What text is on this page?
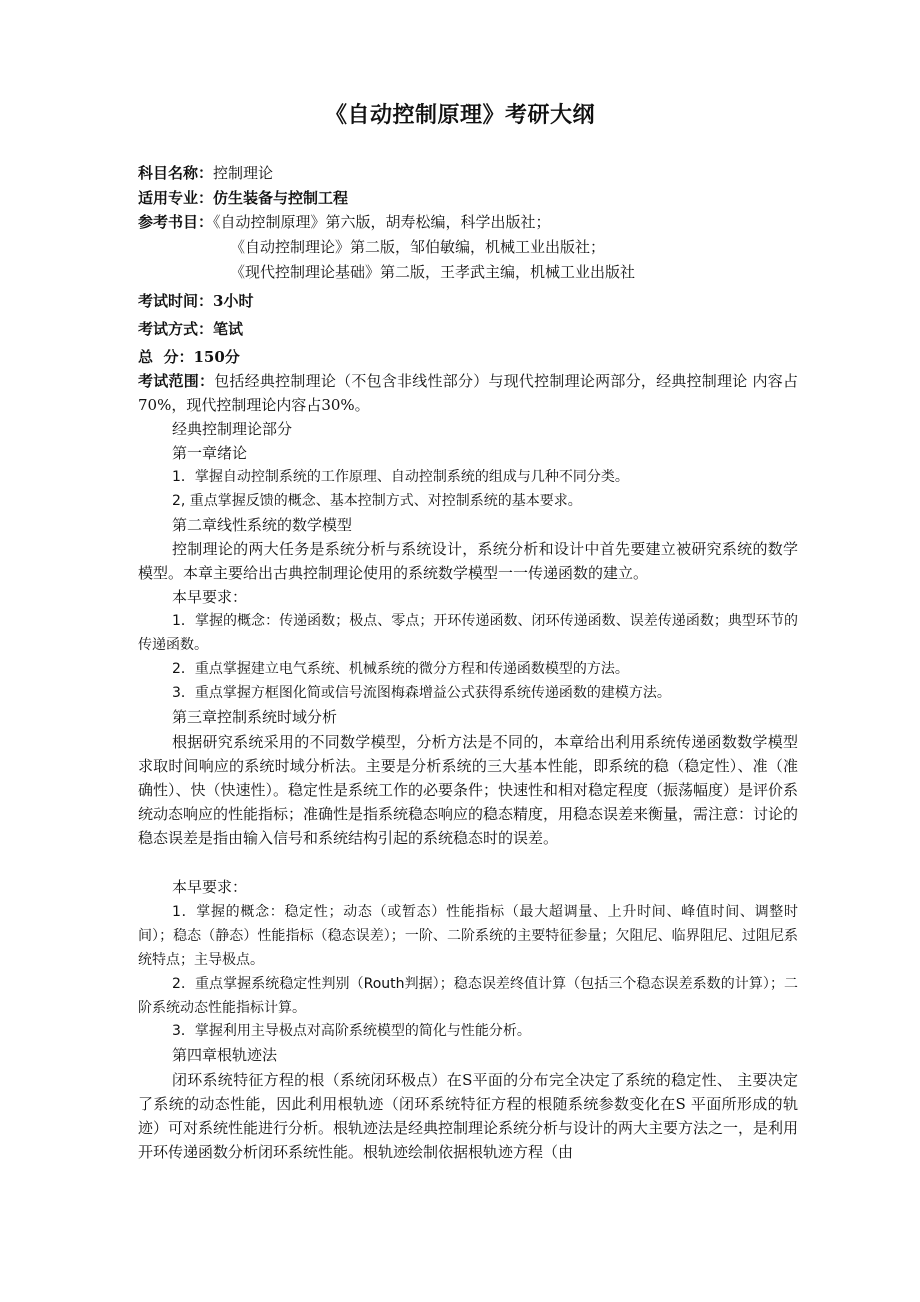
《自动控制原理》考研大纲
科目名称：控制理论
适用专业：仿生装备与控制工程
参考书目：《自动控制原理》第六版，胡寿松编，科学出版社；
《自动控制理论》第二版，邹伯敏编，机械工业出版社；
《现代控制理论基础》第二版，王孝武主编，机械工业出版社
考试时间：3小时
考试方式：笔试
总  分：150分
考试范围：包括经典控制理论（不包含非线性部分）与现代控制理论两部分，经典控制理论 内容占70%，现代控制理论内容占30%。
经典控制理论部分
第一章绪论
1．掌握自动控制系统的工作原理、自动控制系统的组成与几种不同分类。
2, 重点掌握反馈的概念、基本控制方式、对控制系统的基本要求。
第二章线性系统的数学模型
控制理论的两大任务是系统分析与系统设计，系统分析和设计中首先要建立被研究系统的数学模型。本章主要给出古典控制理论使用的系统数学模型一一传递函数的建立。
本早要求：
1．掌握的概念：传递函数；极点、零点；开环传递函数、闭环传递函数、误差传递函数；典型环节的传递函数。
2．重点掌握建立电气系统、机械系统的微分方程和传递函数模型的方法。
3．重点掌握方框图化简或信号流图梅森增益公式获得系统传递函数的建模方法。
第三章控制系统时域分析
根据研究系统采用的不同数学模型，分析方法是不同的，本章给出利用系统传递函数数学模型求取时间响应的系统时域分析法。主要是分析系统的三大基本性能，即系统的稳（稳定性）、准（准确性）、快（快速性）。稳定性是系统工作的必要条件；快速性和相对稳定程度（振荡幅度）是评价系统动态响应的性能指标；准确性是指系统稳态响应的稳态精度，用稳态误差来衡量，需注意：讨论的稳态误差是指由输入信号和系统结构引起的系统稳态时的误差。
本早要求：
1．掌握的概念：稳定性；动态（或暂态）性能指标（最大超调量、上升时间、峰值时间、调整时间）；稳态（静态）性能指标（稳态误差）；一阶、二阶系统的主要特征参量；欠阻尼、临界阻尼、过阻尼系统特点；主导极点。
2．重点掌握系统稳定性判别（Routh判据）；稳态误差终值计算（包括三个稳态误差系数的计算）；二阶系统动态性能指标计算。
3．掌握利用主导极点对高阶系统模型的简化与性能分析。
第四章根轨迹法
闭环系统特征方程的根（系统闭环极点）在S平面的分布完全决定了系统的稳定性、 主要决定了系统的动态性能，因此利用根轨迹（闭环系统特征方程的根随系统参数变化在S 平面所形成的轨迹）可对系统性能进行分析。根轨迹法是经典控制理论系统分析与设计的两大主要方法之一，是利用开环传递函数分析闭环系统性能。根轨迹绘制依据根轨迹方程（由
